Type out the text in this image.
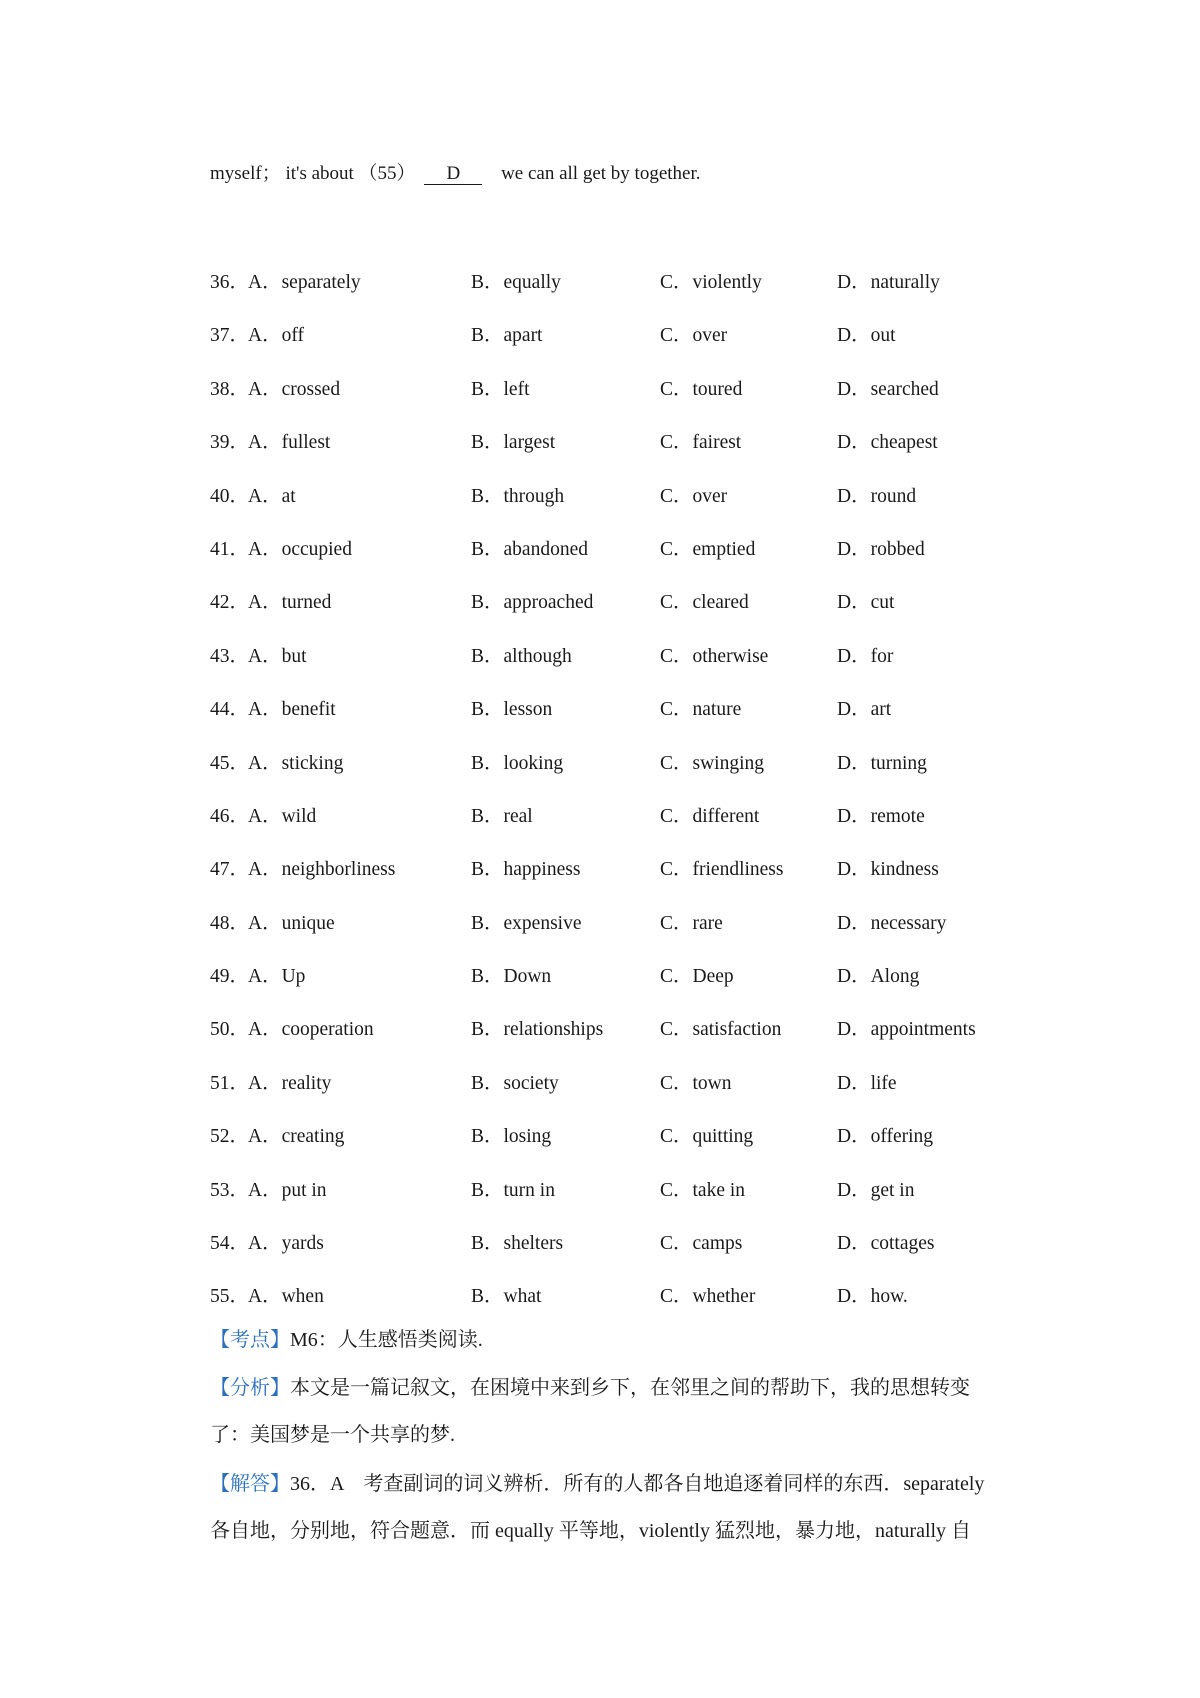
myself； it's about （55） D we can all get by together.
36．
A．separately	B．equally	C．violently	D．naturally
37．
A．off	B．apart	C．over	D．out
38．
A．crossed	B．left	C．toured	D．searched
39．
A．fullest	B．largest	C．fairest	D．cheapest
40．
A．at	B．through	C．over	D．round
41．
A．occupied	B．abandoned	C．emptied	D．robbed
42．
A．turned	B．approached	C．cleared	D．cut
43．
A．but	B．although	C．otherwise	D．for
44．
A．benefit	B．lesson	C．nature	D．art
45．
A．sticking	B．looking	C．swinging	D．turning
46．
A．wild	B．real	C．different	D．remote
47．
A．neighborliness	B．happiness	C．friendliness	D．kindness
48．
A．unique	B．expensive	C．rare	D．necessary
49．
A．Up	B．Down	C．Deep	D．Along
50．
A．cooperation	B．relationships	C．satisfaction	D．appointments
51．
A．reality	B．society	C．town	D．life
52．
A．creating	B．losing	C．quitting	D．offering
53．
A．put in	B．turn in	C．take in	D．get in
54．
A．yards	B．shelters	C．camps	D．cottages
55．
A．when	B．what	C．whether	D．how.
【考点】M6：人生感悟类阅读.
【分析】本文是一篇记叙文，在困境中来到乡下，在邻里之间的帮助下，我的思想转变
了：美国梦是一个共享的梦.
【解答】36．A　考查副词的词义辨析．所有的人都各自地追逐着同样的东西．separately
各自地，分别地，符合题意．而 equally 平等地，violently 猛烈地，暴力地，naturally 自
